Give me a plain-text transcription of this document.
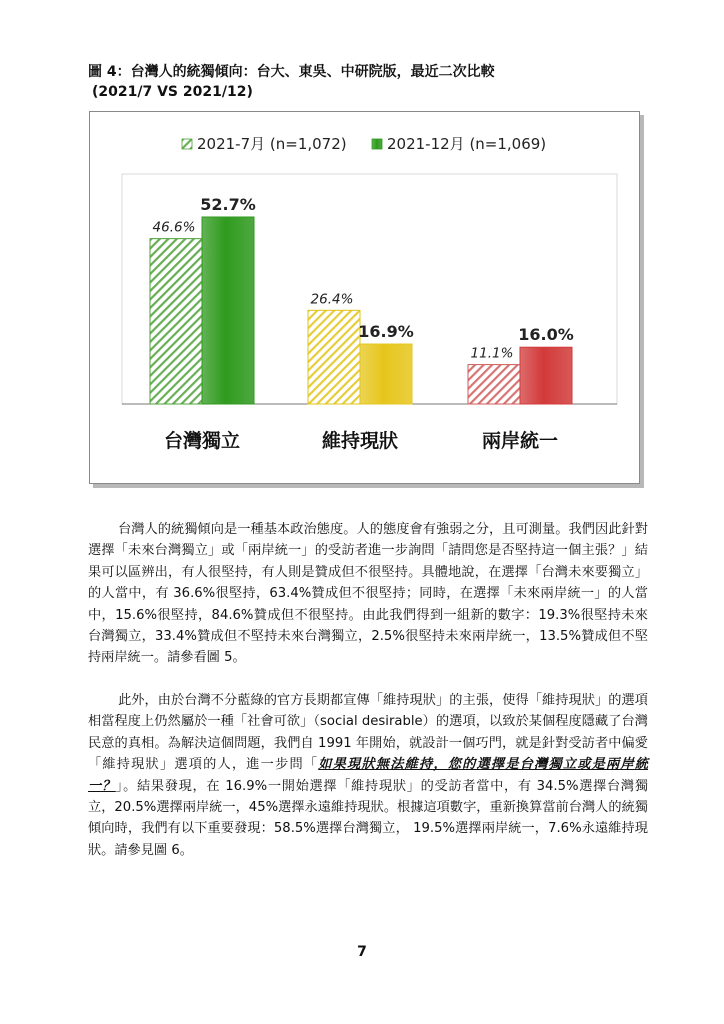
圖 4：台灣人的統獨傾向：台大、東吳、中研院版，最近二次比較
(2021/7 VS 2021/12)
2021-7月 (n=1,072)	2021-12月 (n=1,069)
46.6%
52.7%
26.4%
16.9%
11.1%
16.0%
台灣獨立	維持現狀	兩岸統一
台灣人的統獨傾向是一種基本政治態度。人的態度會有強弱之分，且可測量。我們因此針對選擇「未來台灣獨立」或「兩岸統一」的受訪者進一步詢問「請問您是否堅持這一個主張？」結果可以區辨出，有人很堅持，有人則是贊成但不很堅持。具體地說，在選擇「台灣未來要獨立」的人當中，有 36.6%很堅持，63.4%贊成但不很堅持；同時，在選擇「未來兩岸統一」的人當中，15.6%很堅持，84.6%贊成但不很堅持。由此我們得到一組新的數字：19.3%很堅持未來台灣獨立，33.4%贊成但不堅持未來台灣獨立，2.5%很堅持未來兩岸統一，13.5%贊成但不堅持兩岸統一。請參看圖 5。
此外，由於台灣不分藍綠的官方長期都宣傳「維持現狀」的主張，使得「維持現狀」的選項相當程度上仍然屬於一種「社會可欲」（social desirable）的選項，以致於某個程度隱藏了台灣民意的真相。為解決這個問題，我們自 1991 年開始，就設計一個巧門，就是針對受訪者中偏愛「維持現狀」選項的人，進一步問「如果現狀無法維持，您的選擇是台灣獨立或是兩岸統一？」。結果發現，在 16.9%一開始選擇「維持現狀」的受訪者當中，有 34.5%選擇台灣獨立，20.5%選擇兩岸統一，45%選擇永遠維持現狀。根據這項數字，重新換算當前台灣人的統獨傾向時，我們有以下重要發現：58.5%選擇台灣獨立， 19.5%選擇兩岸統一，7.6%永遠維持現狀。請參見圖 6。
7
